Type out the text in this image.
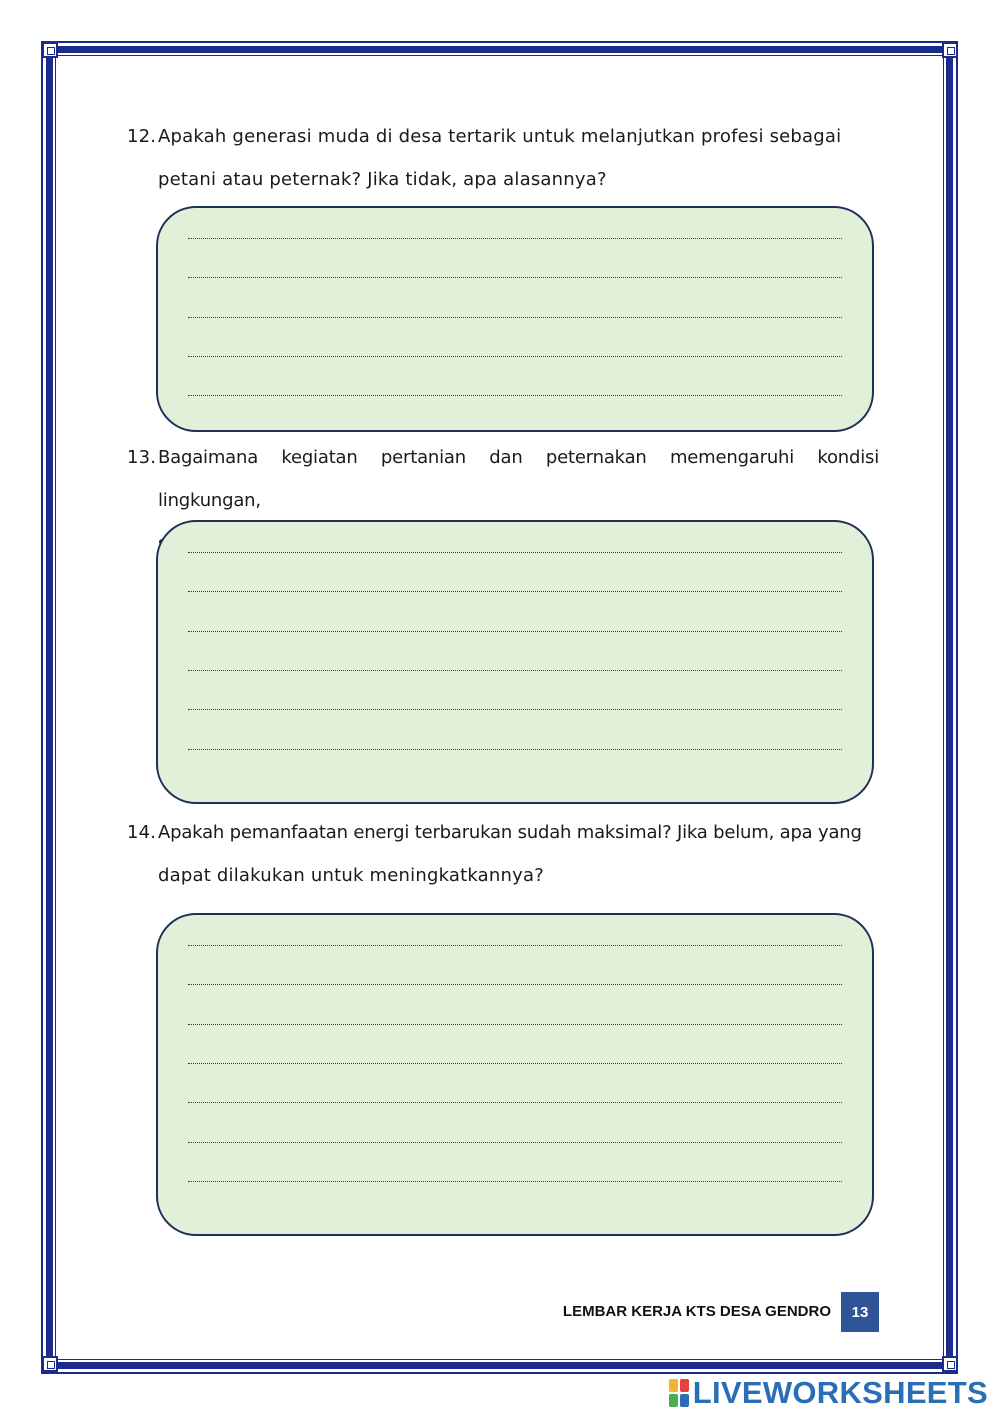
12. Apakah generasi muda di desa tertarik untuk melanjutkan profesi sebagai
petani atau peternak? Jika tidak, apa alasannya?
13. Bagaimana kegiatan pertanian dan peternakan memengaruhi kondisi lingkungan,
14. Apakah pemanfaatan energi terbarukan sudah maksimal? Jika belum, apa yang
dapat dilakukan untuk meningkatkannya?
LEMBAR KERJA KTS DESA GENDRO	13
LIVEWORKSHEETS
